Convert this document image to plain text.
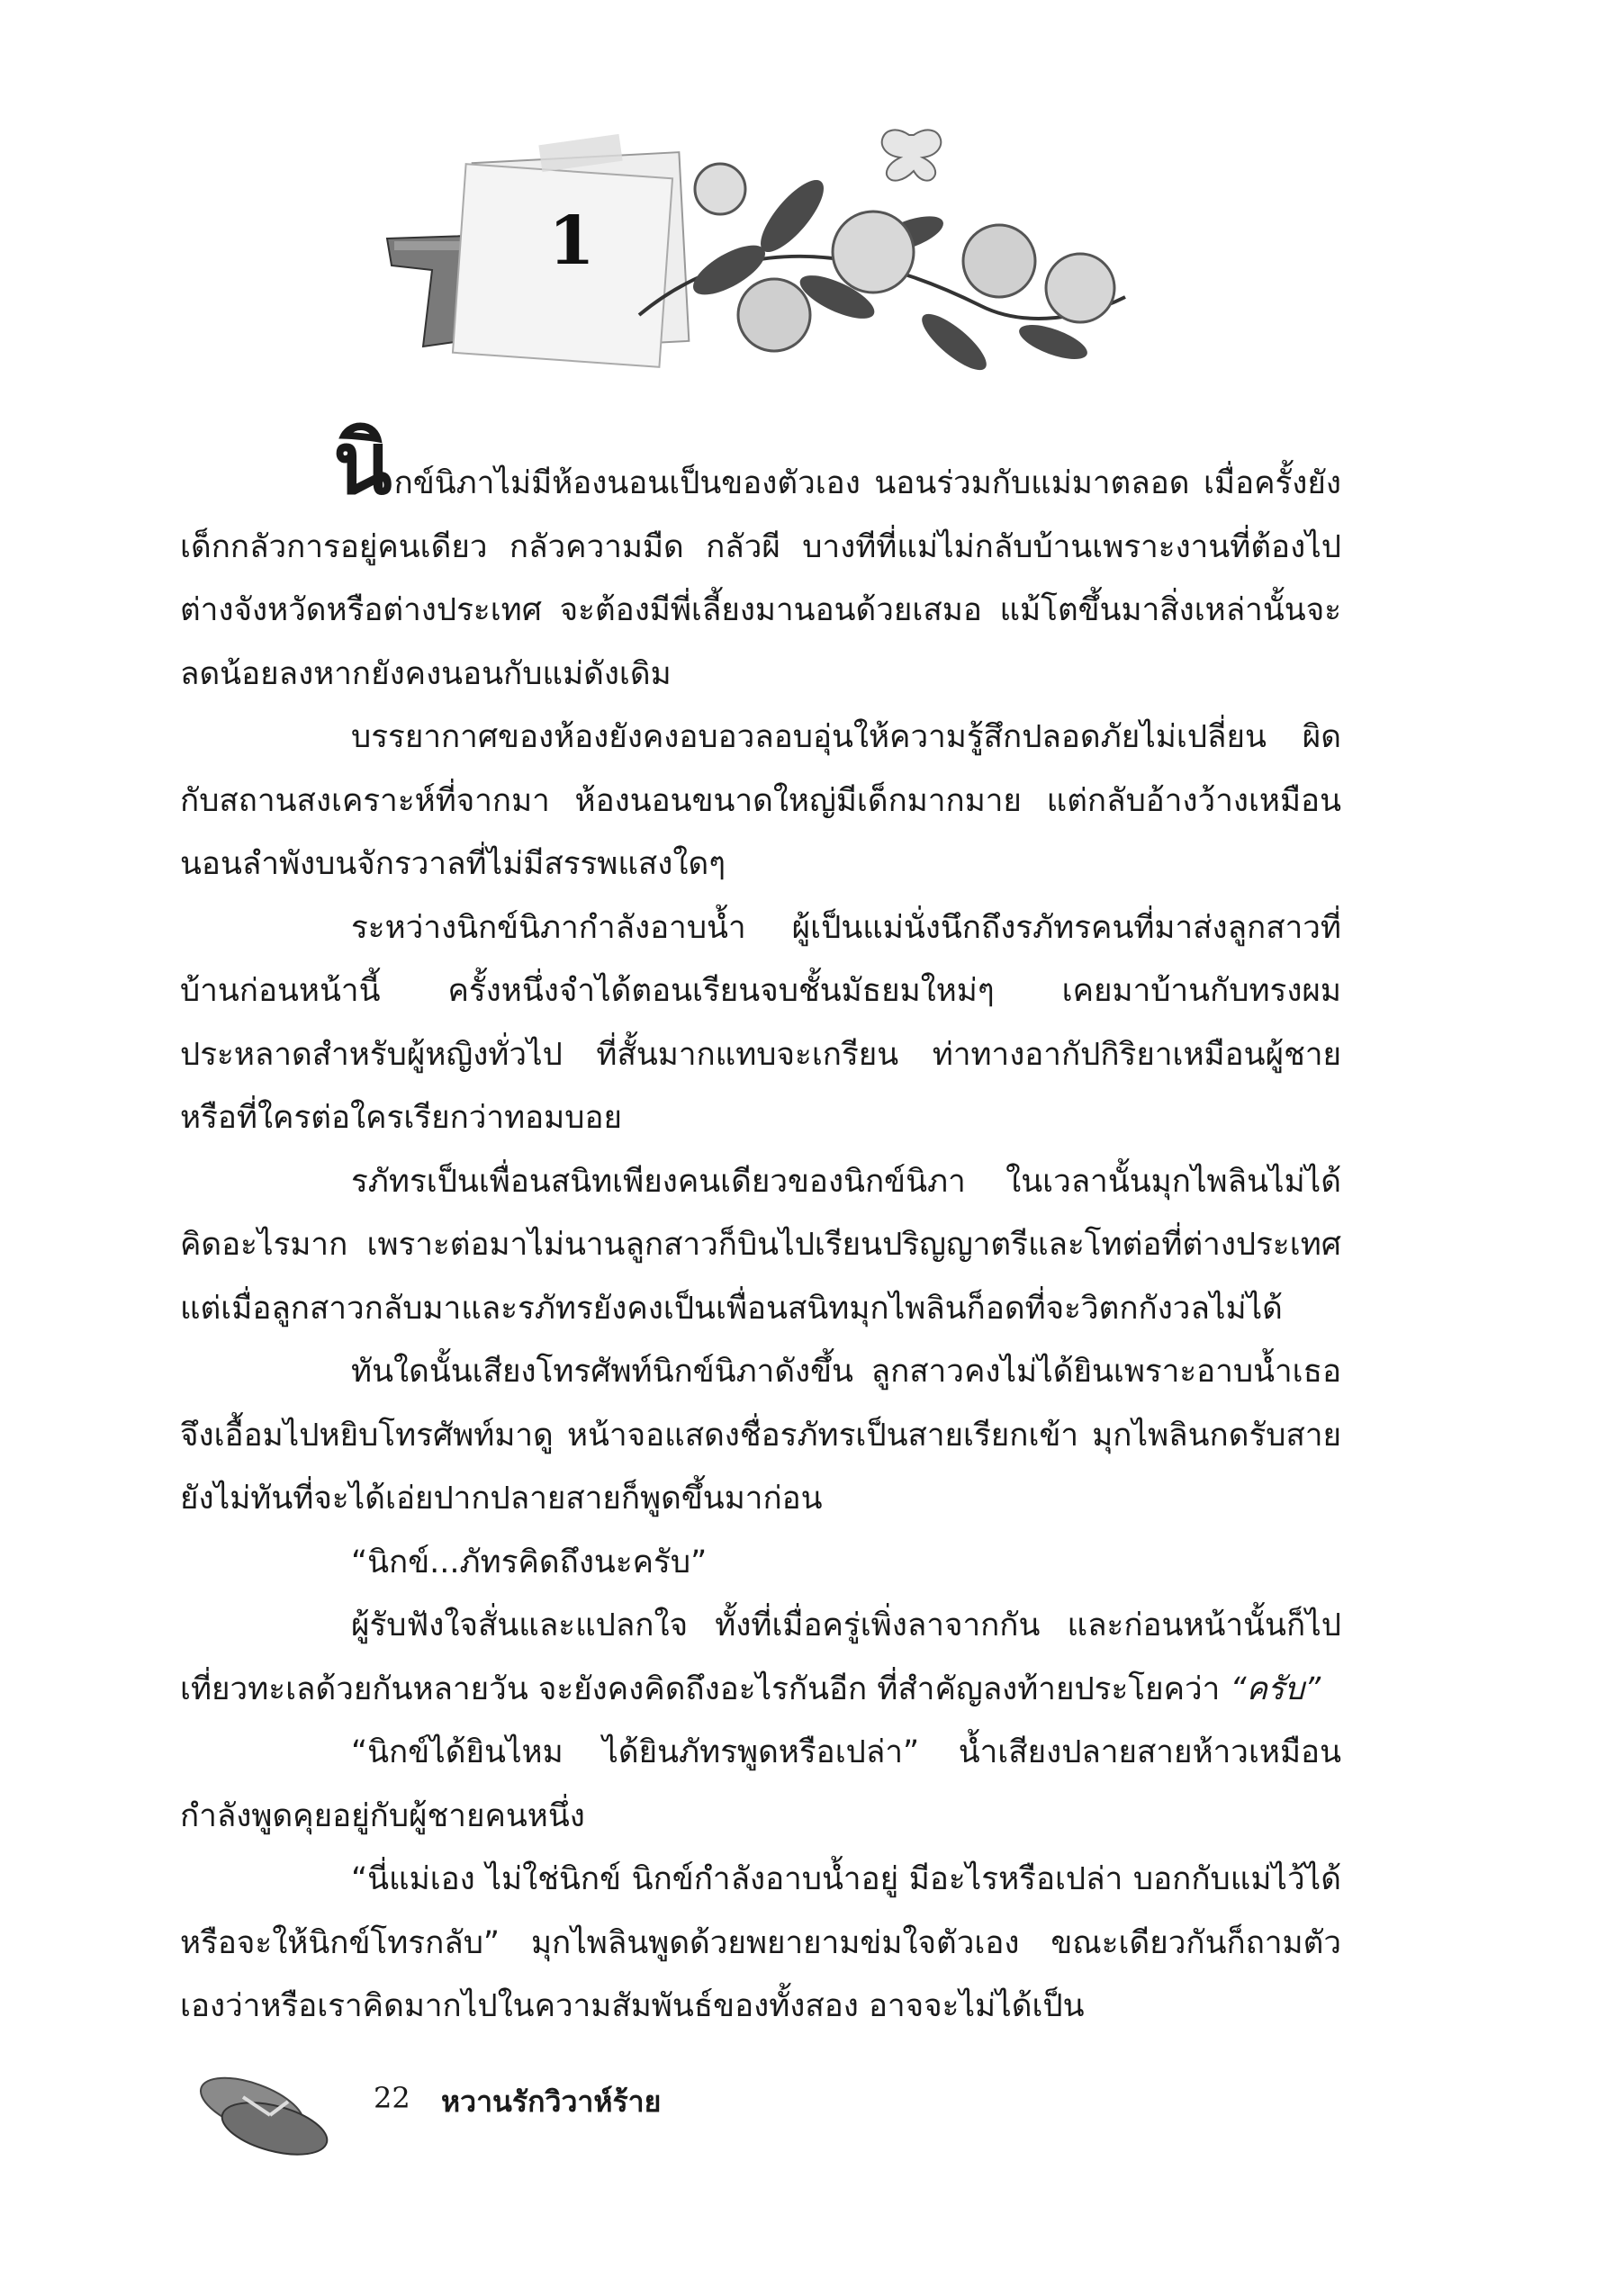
1

นิกข์นิภาไม่มีห้องนอนเป็นของตัวเอง นอนร่วมกับแม่มาตลอด เมื่อครั้งยังเด็กกลัวการอยู่คนเดียว กลัวความมืด กลัวผี บางทีที่แม่ไม่กลับบ้านเพราะงานที่ต้องไปต่างจังหวัดหรือต่างประเทศ จะต้องมีพี่เลี้ยงมานอนด้วยเสมอ แม้โตขึ้นมาสิ่งเหล่านั้นจะลดน้อยลงหากยังคงนอนกับแม่ดังเดิม

บรรยากาศของห้องยังคงอบอวลอบอุ่นให้ความรู้สึกปลอดภัยไม่เปลี่ยน ผิดกับสถานสงเคราะห์ที่จากมา ห้องนอนขนาดใหญ่มีเด็กมากมาย แต่กลับอ้างว้างเหมือนนอนลำพังบนจักรวาลที่ไม่มีสรรพแสงใดๆ

ระหว่างนิกข์นิภากำลังอาบน้ำ ผู้เป็นแม่นั่งนึกถึงรภัทรคนที่มาส่งลูกสาวที่บ้านก่อนหน้านี้ ครั้งหนึ่งจำได้ตอนเรียนจบชั้นมัธยมใหม่ๆ เคยมาบ้านกับทรงผมประหลาดสำหรับผู้หญิงทั่วไป ที่สั้นมากแทบจะเกรียน ท่าทางอากัปกิริยาเหมือนผู้ชาย หรือที่ใครต่อใครเรียกว่าทอมบอย

รภัทรเป็นเพื่อนสนิทเพียงคนเดียวของนิกข์นิภา ในเวลานั้นมุกไพลินไม่ได้คิดอะไรมาก เพราะต่อมาไม่นานลูกสาวก็บินไปเรียนปริญญาตรีและโทต่อที่ต่างประเทศ แต่เมื่อลูกสาวกลับมาและรภัทรยังคงเป็นเพื่อนสนิทมุกไพลินก็อดที่จะวิตกกังวลไม่ได้

ทันใดนั้นเสียงโทรศัพท์นิกข์นิภาดังขึ้น ลูกสาวคงไม่ได้ยินเพราะอาบน้ำเธอจึงเอื้อมไปหยิบโทรศัพท์มาดู หน้าจอแสดงชื่อรภัทรเป็นสายเรียกเข้า มุกไพลินกดรับสาย ยังไม่ทันที่จะได้เอ่ยปากปลายสายก็พูดขึ้นมาก่อน

“นิกข์...ภัทรคิดถึงนะครับ”

ผู้รับฟังใจสั่นและแปลกใจ ทั้งที่เมื่อครู่เพิ่งลาจากกัน และก่อนหน้านั้นก็ไปเที่ยวทะเลด้วยกันหลายวัน จะยังคงคิดถึงอะไรกันอีก ที่สำคัญลงท้ายประโยคว่า “ครับ”

“นิกข์ได้ยินไหม ได้ยินภัทรพูดหรือเปล่า” น้ำเสียงปลายสายห้าวเหมือนกำลังพูดคุยอยู่กับผู้ชายคนหนึ่ง

“นี่แม่เอง ไม่ใช่นิกข์ นิกข์กำลังอาบน้ำอยู่ มีอะไรหรือเปล่า บอกกับแม่ไว้ได้ หรือจะให้นิกข์โทรกลับ” มุกไพลินพูดด้วยพยายามข่มใจตัวเอง ขณะเดียวกันก็ถามตัวเองว่าหรือเราคิดมากไปในความสัมพันธ์ของทั้งสอง อาจจะไม่ได้เป็น

22 หวานรักวิวาห์ร้าย
